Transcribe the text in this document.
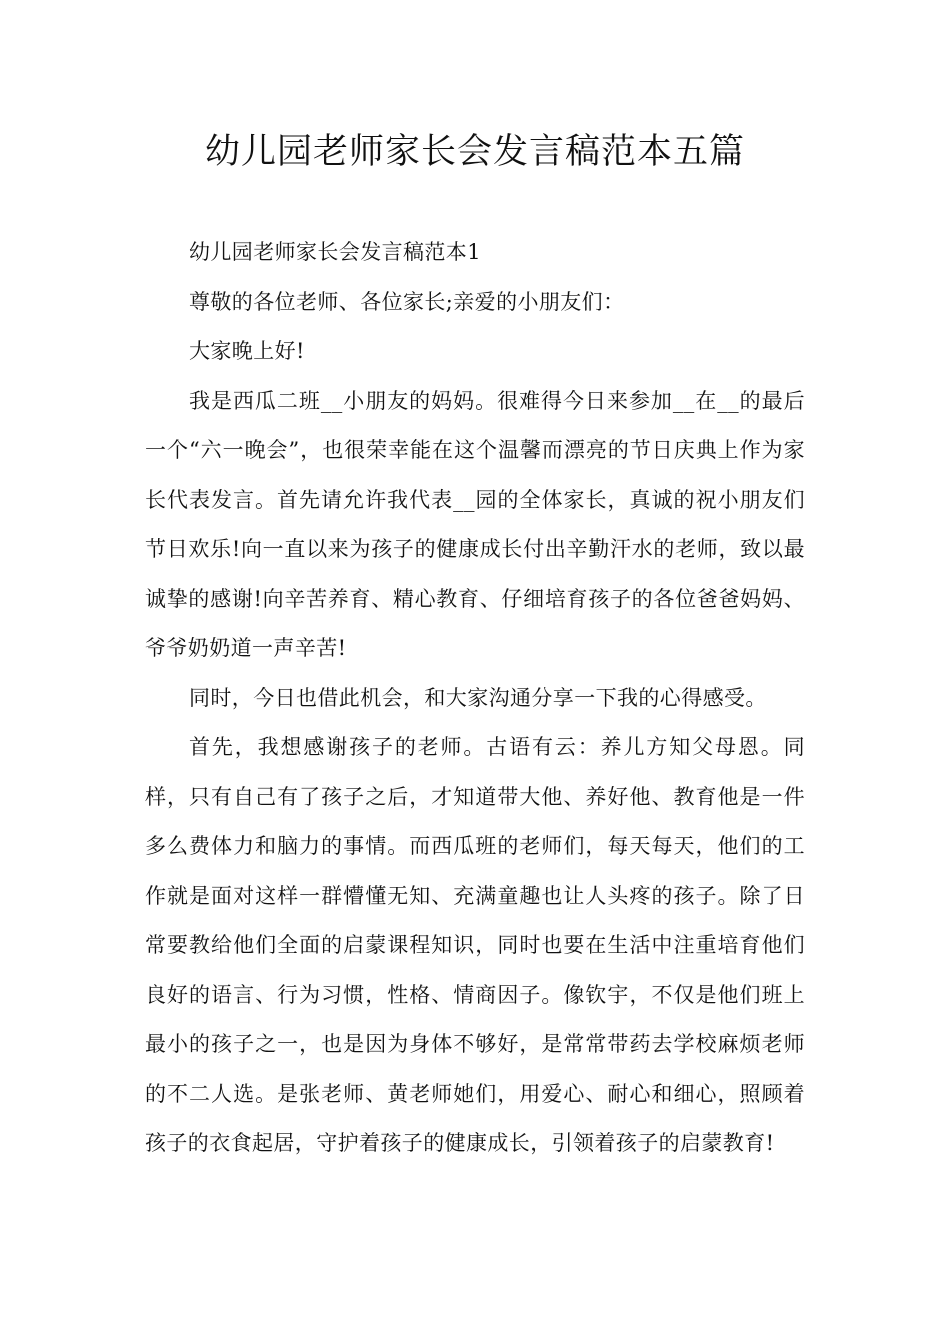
幼儿园老师家长会发言稿范本五篇

幼儿园老师家长会发言稿范本1

尊敬的各位老师、各位家长;亲爱的小朋友们：

大家晚上好!

我是西瓜二班__小朋友的妈妈。很难得今日来参加__在__的最后一个“六一晚会”，也很荣幸能在这个温馨而漂亮的节日庆典上作为家长代表发言。首先请允许我代表__园的全体家长，真诚的祝小朋友们节日欢乐!向一直以来为孩子的健康成长付出辛勤汗水的老师，致以最诚挚的感谢!向辛苦养育、精心教育、仔细培育孩子的各位爸爸妈妈、爷爷奶奶道一声辛苦!

同时，今日也借此机会，和大家沟通分享一下我的心得感受。

首先，我想感谢孩子的老师。古语有云：养儿方知父母恩。同样，只有自己有了孩子之后，才知道带大他、养好他、教育他是一件多么费体力和脑力的事情。而西瓜班的老师们，每天每天，他们的工作就是面对这样一群懵懂无知、充满童趣也让人头疼的孩子。除了日常要教给他们全面的启蒙课程知识，同时也要在生活中注重培育他们良好的语言、行为习惯，性格、情商因子。像钦宇，不仅是他们班上最小的孩子之一，也是因为身体不够好，是常常带药去学校麻烦老师的不二人选。是张老师、黄老师她们，用爱心、耐心和细心，照顾着孩子的衣食起居，守护着孩子的健康成长，引领着孩子的启蒙教育!
